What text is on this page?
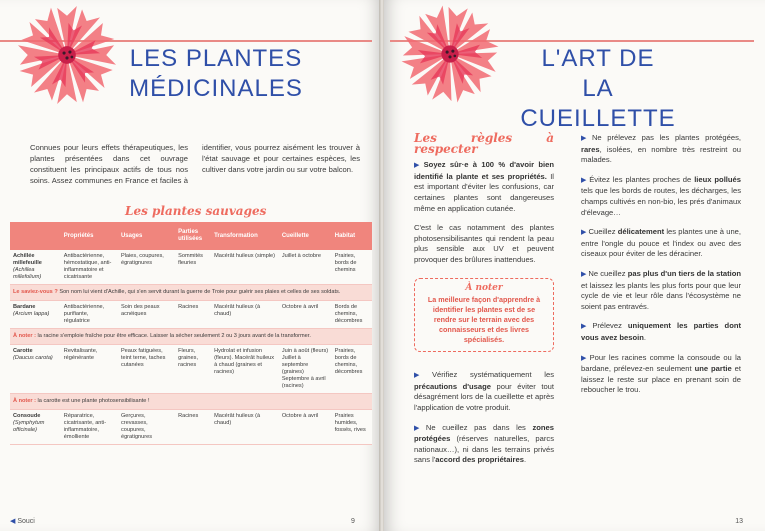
LES PLANTES
MÉDICINALES

Connues pour leurs effets thérapeutiques, les plantes présentées dans cet ouvrage constituent les principaux actifs de tous nos soins. Assez communes en France et faciles à identifier, vous pourrez aisément les trouver à l'état sauvage et pour certaines espèces, les cultiver dans votre jardin ou sur votre balcon.

Les plantes sauvages
	Propriétés	Usages	Parties utilisées	Transformation	Cueillette	Habitat
Achillée millefeuille
(Achillea millefolium)	Antibactérienne, hémostatique, anti-inflammatoire et cicatrisante	Plaies, coupures, égratignures	Sommités fleuries	Macérât huileux (simple)	Juillet à octobre	Prairies, bords de chemins
Le saviez-vous ? Son nom lui vient d'Achille, qui s'en servit durant la guerre de Troie pour guérir ses plaies et celles de ses soldats.						
Bardane
(Arcium lappa)	Antibactérienne, purifiante, régulatrice	Soin des peaux acnéiques	Racines	Macérât huileux (à chaud)	Octobre à avril	Bords de chemins, décombres
À noter : la racine s'emploie fraîche pour être efficace. Laisser la sécher seulement 2 ou 3 jours avant de la transformer.						
Carotte
(Daucus carota)	Revitalisante, régénérante	Peaux fatiguées, teint terne, taches cutanées	Fleurs, graines, racines	Hydrolat et infusion (fleurs). Macérât huileux à chaud (graines et racines)	Juin à août (fleurs) Juillet à septembre (graines) Septembre à avril (racines)	Prairies, bords de chemins, décombres
À noter : la carotte est une plante photosensibilisante !						
Consoude
(Symphytum officinale)	Réparatrice, cicatrisante, anti-inflammatoire, émolliente	Gerçures, crevasses, coupures, égratignures	Racines	Macérât huileux (à chaud)	Octobre à avril	Prairies humides, fossés, rives
◀ Souci	9
L'ART DE
LA CUEILLETTE
Les règles à respecter

▶ Soyez sûr·e à 100 % d'avoir bien identifié la plante et ses propriétés. Il est important d'éviter les confusions, car certaines plantes sont dangereuses même en application cutanée.

C'est le cas notamment des plantes photosensibilisantes qui rendent la peau plus sensible aux UV et peuvent provoquer des brûlures inattendues.

À noter
La meilleure façon d'apprendre à identifier les plantes est de se rendre sur le terrain avec des connaisseurs et des livres spécialisés.

▶ Vérifiez systématiquement les précautions d'usage pour éviter tout désagrément lors de la cueillette et après l'application de votre produit.

▶ Ne cueillez pas dans les zones protégées (réserves naturelles, parcs nationaux…), ni dans les terrains privés sans l'accord des propriétaires.

▶ Ne prélevez pas les plantes protégées, rares, isolées, en nombre très restreint ou malades.

▶ Évitez les plantes proches de lieux pollués tels que les bords de routes, les décharges, les champs cultivés en non-bio, les prés d'animaux d'élevage…

▶ Cueillez délicatement les plantes une à une, entre l'ongle du pouce et l'index ou avec des ciseaux pour éviter de les déraciner.

▶ Ne cueillez pas plus d'un tiers de la station et laissez les plants les plus forts pour que leur cycle de vie et leur rôle dans l'écosystème ne soient pas entravés.

▶ Prélevez uniquement les parties dont vous avez besoin.

▶ Pour les racines comme la consoude ou la bardane, prélevez-en seulement une partie et laissez le reste sur place en prenant soin de reboucher le trou.

13
